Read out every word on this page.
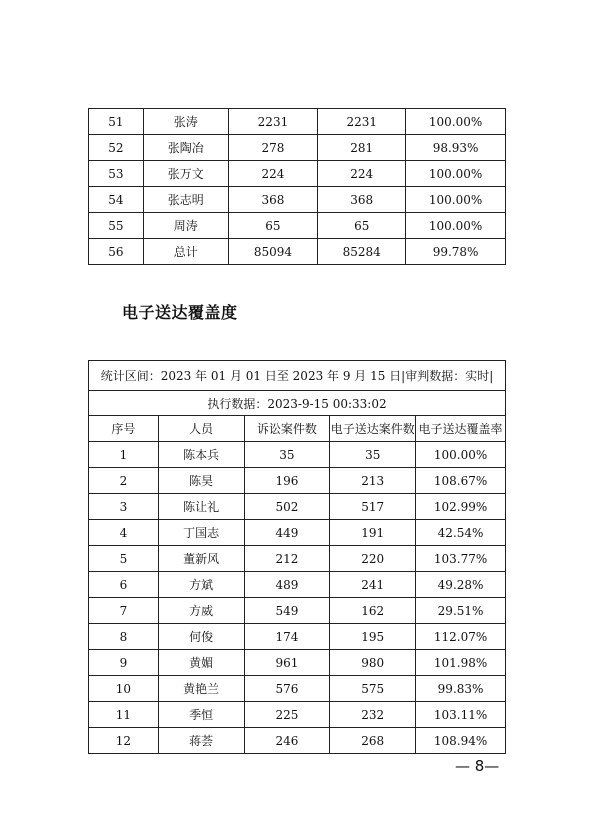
51	张涛	2231	2231	100.00%
52	张陶冶	278	281	98.93%
53	张万文	224	224	100.00%
54	张志明	368	368	100.00%
55	周涛	65	65	100.00%
56	总计	85094	85284	99.78%
电子送达覆盖度
统计区间：2023 年 01 月 01 日至 2023 年 9 月 15 日|审判数据：实时|				
执行数据：2023-9-15 00:33:02				
序号	人员	诉讼案件数	电子送达案件数	电子送达覆盖率
1	陈本兵	35	35	100.00%
2	陈昊	196	213	108.67%
3	陈让礼	502	517	102.99%
4	丁国志	449	191	42.54%
5	董新风	212	220	103.77%
6	方斌	489	241	49.28%
7	方威	549	162	29.51%
8	何俊	174	195	112.07%
9	黄媚	961	980	101.98%
10	黄艳兰	576	575	99.83%
11	季恒	225	232	103.11%
12	蒋荟	246	268	108.94%
— 8—
